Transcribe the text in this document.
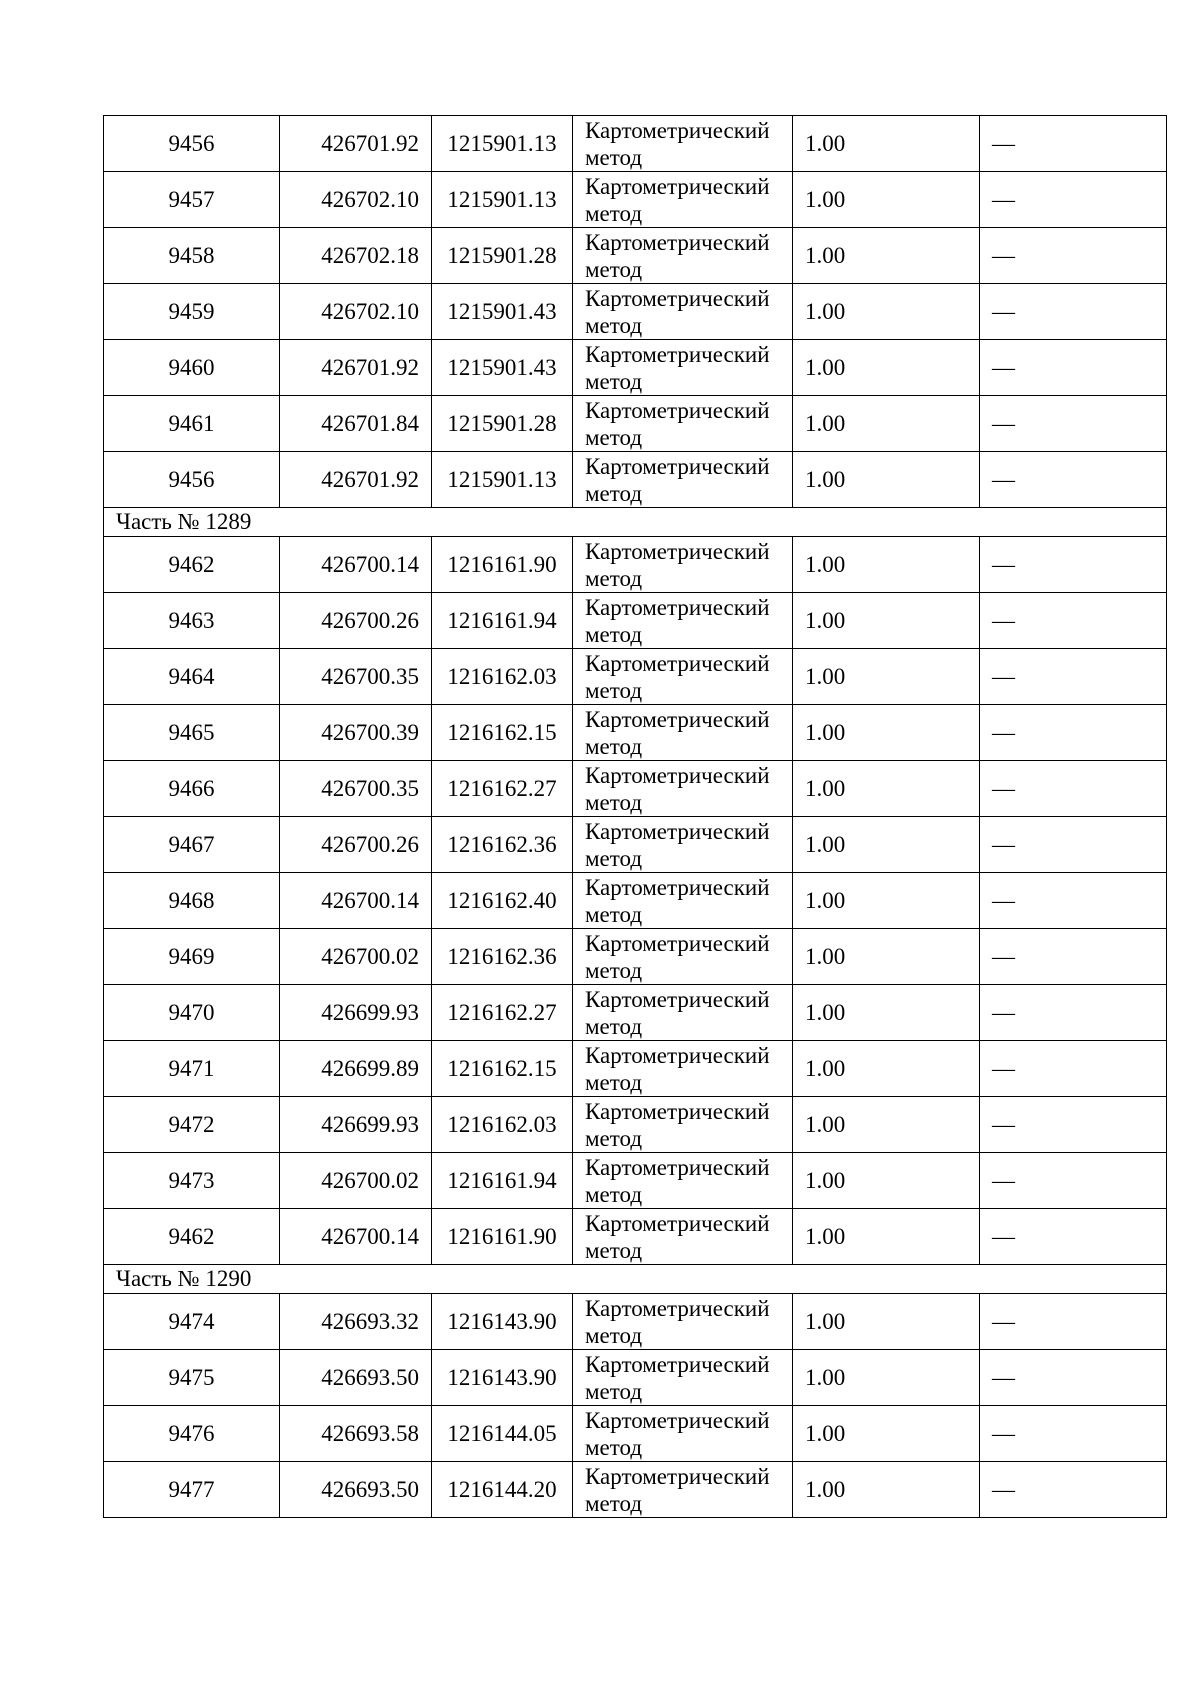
9456	426701.92	1215901.13	Картометрический
метод	1.00	—
9457	426702.10	1215901.13	Картометрический
метод	1.00	—
9458	426702.18	1215901.28	Картометрический
метод	1.00	—
9459	426702.10	1215901.43	Картометрический
метод	1.00	—
9460	426701.92	1215901.43	Картометрический
метод	1.00	—
9461	426701.84	1215901.28	Картометрический
метод	1.00	—
9456	426701.92	1215901.13	Картометрический
метод	1.00	—
Часть № 1289					
9462	426700.14	1216161.90	Картометрический
метод	1.00	—
9463	426700.26	1216161.94	Картометрический
метод	1.00	—
9464	426700.35	1216162.03	Картометрический
метод	1.00	—
9465	426700.39	1216162.15	Картометрический
метод	1.00	—
9466	426700.35	1216162.27	Картометрический
метод	1.00	—
9467	426700.26	1216162.36	Картометрический
метод	1.00	—
9468	426700.14	1216162.40	Картометрический
метод	1.00	—
9469	426700.02	1216162.36	Картометрический
метод	1.00	—
9470	426699.93	1216162.27	Картометрический
метод	1.00	—
9471	426699.89	1216162.15	Картометрический
метод	1.00	—
9472	426699.93	1216162.03	Картометрический
метод	1.00	—
9473	426700.02	1216161.94	Картометрический
метод	1.00	—
9462	426700.14	1216161.90	Картометрический
метод	1.00	—
Часть № 1290					
9474	426693.32	1216143.90	Картометрический
метод	1.00	—
9475	426693.50	1216143.90	Картометрический
метод	1.00	—
9476	426693.58	1216144.05	Картометрический
метод	1.00	—
9477	426693.50	1216144.20	Картометрический
метод	1.00	—
